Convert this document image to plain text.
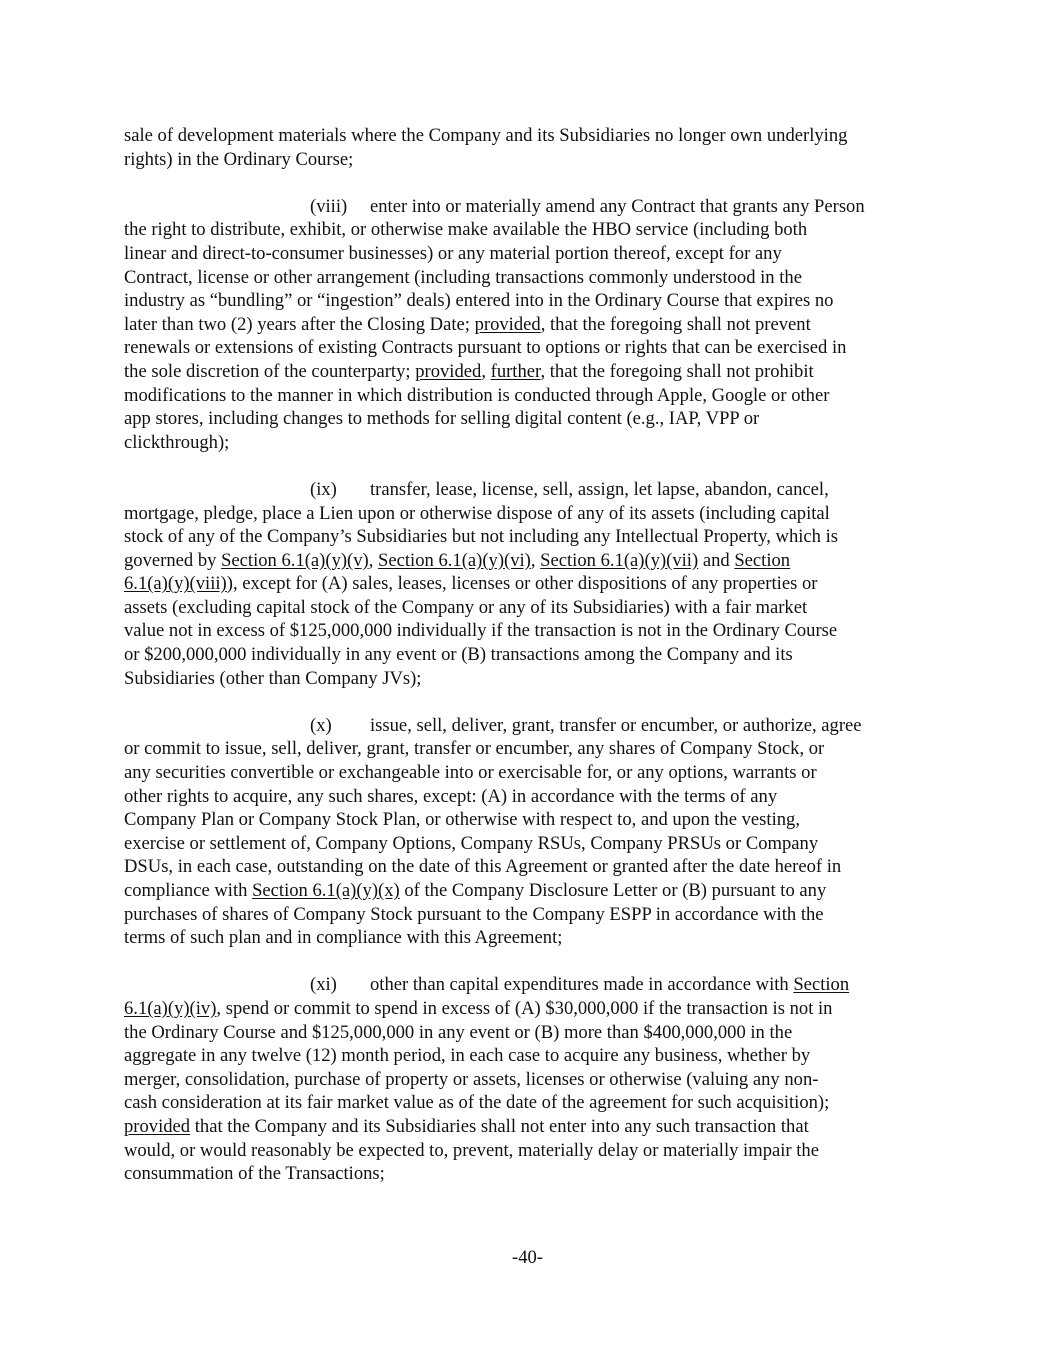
sale of development materials where the Company and its Subsidiaries no longer own underlying
rights) in the Ordinary Course;

(viii) enter into or materially amend any Contract that grants any Person
the right to distribute, exhibit, or otherwise make available the HBO service (including both
linear and direct-to-consumer businesses) or any material portion thereof, except for any
Contract, license or other arrangement (including transactions commonly understood in the
industry as “bundling” or “ingestion” deals) entered into in the Ordinary Course that expires no
later than two (2) years after the Closing Date; provided, that the foregoing shall not prevent
renewals or extensions of existing Contracts pursuant to options or rights that can be exercised in
the sole discretion of the counterparty; provided, further, that the foregoing shall not prohibit
modifications to the manner in which distribution is conducted through Apple, Google or other
app stores, including changes to methods for selling digital content (e.g., IAP, VPP or
clickthrough);

(ix) transfer, lease, license, sell, assign, let lapse, abandon, cancel,
mortgage, pledge, place a Lien upon or otherwise dispose of any of its assets (including capital
stock of any of the Company’s Subsidiaries but not including any Intellectual Property, which is
governed by Section 6.1(a)(y)(v), Section 6.1(a)(y)(vi), Section 6.1(a)(y)(vii) and Section
6.1(a)(y)(viii)), except for (A) sales, leases, licenses or other dispositions of any properties or
assets (excluding capital stock of the Company or any of its Subsidiaries) with a fair market
value not in excess of $125,000,000 individually if the transaction is not in the Ordinary Course
or $200,000,000 individually in any event or (B) transactions among the Company and its
Subsidiaries (other than Company JVs);

(x) issue, sell, deliver, grant, transfer or encumber, or authorize, agree
or commit to issue, sell, deliver, grant, transfer or encumber, any shares of Company Stock, or
any securities convertible or exchangeable into or exercisable for, or any options, warrants or
other rights to acquire, any such shares, except: (A) in accordance with the terms of any
Company Plan or Company Stock Plan, or otherwise with respect to, and upon the vesting,
exercise or settlement of, Company Options, Company RSUs, Company PRSUs or Company
DSUs, in each case, outstanding on the date of this Agreement or granted after the date hereof in
compliance with Section 6.1(a)(y)(x) of the Company Disclosure Letter or (B) pursuant to any
purchases of shares of Company Stock pursuant to the Company ESPP in accordance with the
terms of such plan and in compliance with this Agreement;

(xi) other than capital expenditures made in accordance with Section
6.1(a)(y)(iv), spend or commit to spend in excess of (A) $30,000,000 if the transaction is not in
the Ordinary Course and $125,000,000 in any event or (B) more than $400,000,000 in the
aggregate in any twelve (12) month period, in each case to acquire any business, whether by
merger, consolidation, purchase of property or assets, licenses or otherwise (valuing any non-
cash consideration at its fair market value as of the date of the agreement for such acquisition);
provided that the Company and its Subsidiaries shall not enter into any such transaction that
would, or would reasonably be expected to, prevent, materially delay or materially impair the
consummation of the Transactions;

-40-
